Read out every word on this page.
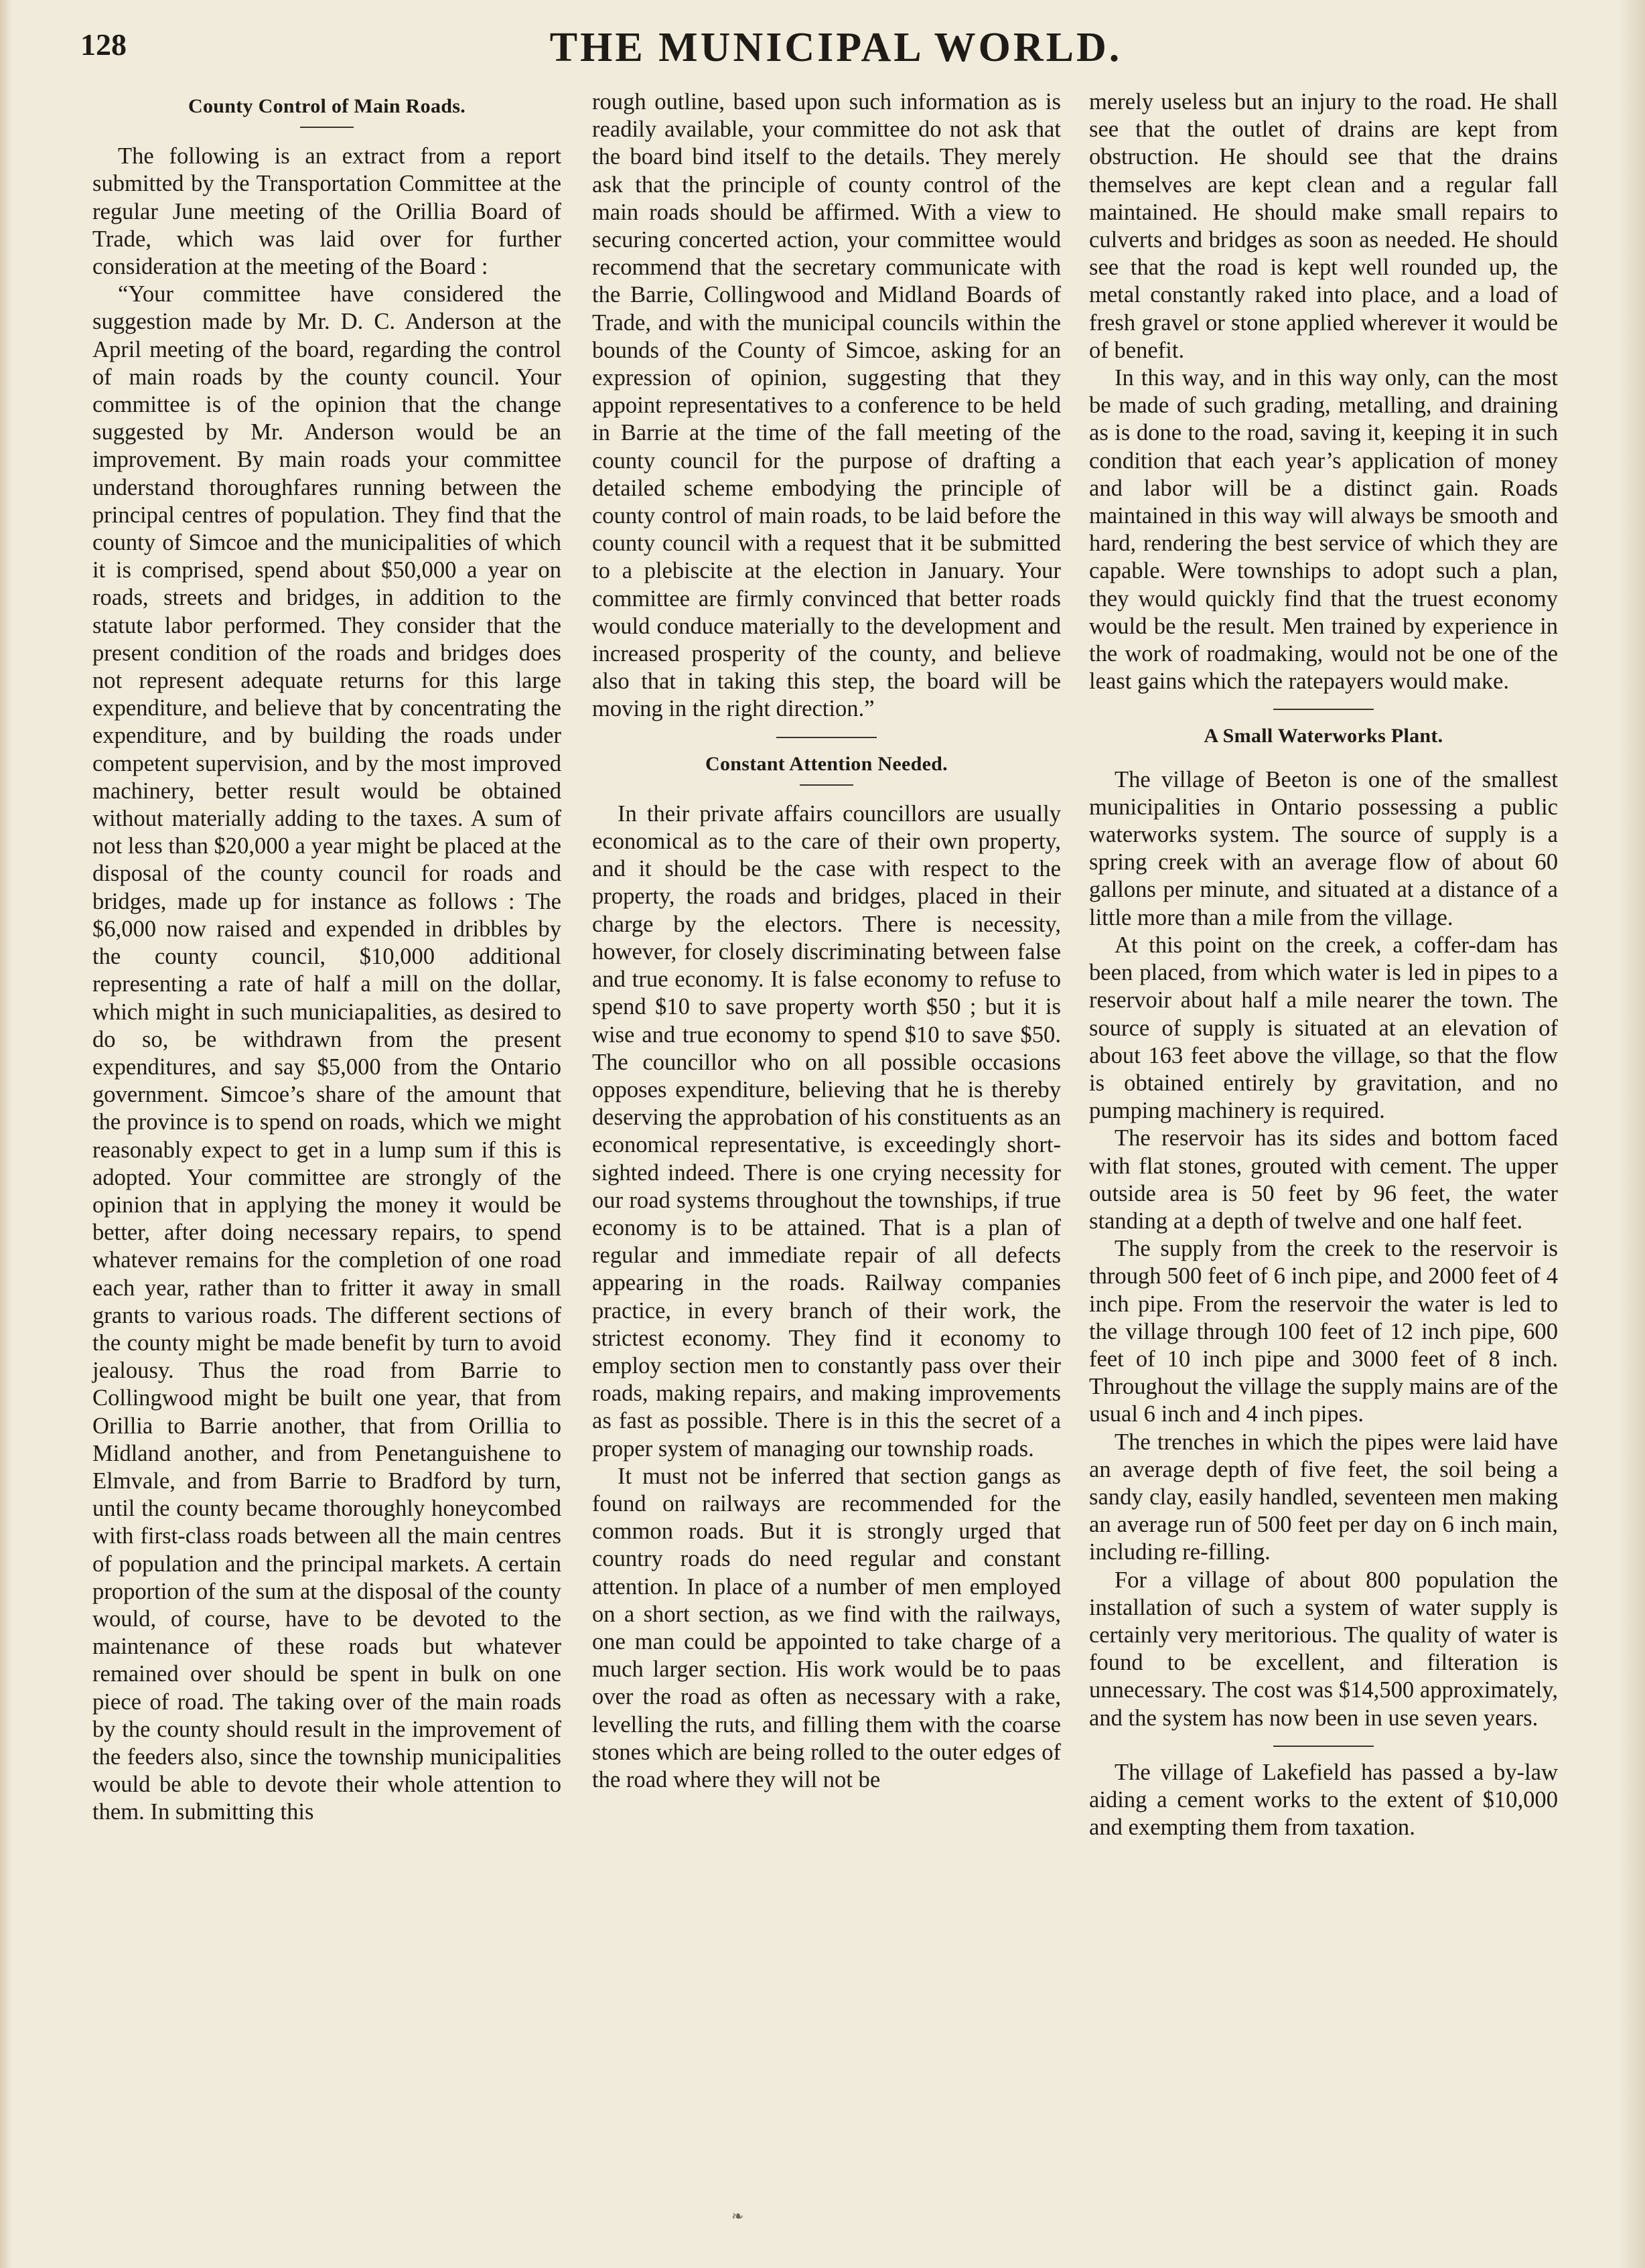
128	THE MUNICIPAL WORLD.
County Control of Main Roads.

The following is an extract from a report submitted by the Transportation Committee at the regular June meeting of the Orillia Board of Trade, which was laid over for further consideration at the meeting of the Board :

“Your committee have considered the suggestion made by Mr. D. C. Anderson at the April meeting of the board, regarding the control of main roads by the county council. Your committee is of the opinion that the change suggested by Mr. Anderson would be an improvement. By main roads your committee understand thoroughfares running between the principal centres of population. They find that the county of Simcoe and the municipalities of which it is comprised, spend about $50,000 a year on roads, streets and bridges, in addition to the statute labor performed. They consider that the present condition of the roads and bridges does not represent adequate returns for this large expenditure, and believe that by concentrating the expenditure, and by building the roads under competent supervision, and by the most improved machinery, better result would be obtained without materially adding to the taxes. A sum of not less than $20,000 a year might be placed at the disposal of the county council for roads and bridges, made up for instance as follows : The $6,000 now raised and expended in dribbles by the county council, $10,000 additional representing a rate of half a mill on the dollar, which might in such municiapalities, as desired to do so, be withdrawn from the present expenditures, and say $5,000 from the Ontario government. Simcoe’s share of the amount that the province is to spend on roads, which we might reasonably expect to get in a lump sum if this is adopted. Your committee are strongly of the opinion that in applying the money it would be better, after doing necessary repairs, to spend whatever remains for the completion of one road each year, rather than to fritter it away in small grants to various roads. The different sections of the county might be made benefit by turn to avoid jealousy. Thus the road from Barrie to Collingwood might be built one year, that from Orillia to Barrie another, that from Orillia to Midland another, and from Penetanguishene to Elmvale, and from Barrie to Bradford by turn, until the county became thoroughly honeycombed with first-class roads between all the main centres of population and the principal markets. A certain proportion of the sum at the disposal of the county would, of course, have to be devoted to the maintenance of these roads but whatever remained over should be spent in bulk on one piece of road. The taking over of the main roads by the county should result in the improvement of the feeders also, since the township municipalities would be able to devote their whole attention to them. In submitting this

rough outline, based upon such information as is readily available, your committee do not ask that the board bind itself to the details. They merely ask that the principle of county control of the main roads should be affirmed. With a view to securing concerted action, your committee would recommend that the secretary communicate with the Barrie, Collingwood and Midland Boards of Trade, and with the municipal councils within the bounds of the County of Simcoe, asking for an expression of opinion, suggesting that they appoint representatives to a conference to be held in Barrie at the time of the fall meeting of the county council for the purpose of drafting a detailed scheme embodying the principle of county control of main roads, to be laid before the county council with a request that it be submitted to a plebiscite at the election in January. Your committee are firmly convinced that better roads would conduce materially to the development and increased prosperity of the county, and believe also that in taking this step, the board will be moving in the right direction.”

Constant Attention Needed.

In their private affairs councillors are usually economical as to the care of their own property, and it should be the case with respect to the property, the roads and bridges, placed in their charge by the electors. There is necessity, however, for closely discriminating between false and true economy. It is false economy to refuse to spend $10 to save property worth $50 ; but it is wise and true economy to spend $10 to save $50. The councillor who on all possible occasions opposes expenditure, believing that he is thereby deserving the approbation of his constituents as an economical representative, is exceedingly short-sighted indeed. There is one crying necessity for our road systems throughout the townships, if true economy is to be attained. That is a plan of regular and immediate repair of all defects appearing in the roads. Railway companies practice, in every branch of their work, the strictest economy. They find it economy to employ section men to constantly pass over their roads, making repairs, and making improvements as fast as possible. There is in this the secret of a proper system of managing our township roads.

It must not be inferred that section gangs as found on railways are recommended for the common roads. But it is strongly urged that country roads do need regular and constant attention. In place of a number of men employed on a short section, as we find with the railways, one man could be appointed to take charge of a much larger section. His work would be to paas over the road as often as necessary with a rake, levelling the ruts, and filling them with the coarse stones which are being rolled to the outer edges of the road where they will not be

merely useless but an injury to the road. He shall see that the outlet of drains are kept from obstruction. He should see that the drains themselves are kept clean and a regular fall maintained. He should make small repairs to culverts and bridges as soon as needed. He should see that the road is kept well rounded up, the metal constantly raked into place, and a load of fresh gravel or stone applied wherever it would be of benefit.

In this way, and in this way only, can the most be made of such grading, metalling, and draining as is done to the road, saving it, keeping it in such condition that each year’s application of money and labor will be a distinct gain. Roads maintained in this way will always be smooth and hard, rendering the best service of which they are capable. Were townships to adopt such a plan, they would quickly find that the truest economy would be the result. Men trained by experience in the work of roadmaking, would not be one of the least gains which the ratepayers would make.

A Small Waterworks Plant.

The village of Beeton is one of the smallest municipalities in Ontario possessing a public waterworks system. The source of supply is a spring creek with an average flow of about 60 gallons per minute, and situated at a distance of a little more than a mile from the village.

At this point on the creek, a coffer-dam has been placed, from which water is led in pipes to a reservoir about half a mile nearer the town. The source of supply is situated at an elevation of about 163 feet above the village, so that the flow is obtained entirely by gravitation, and no pumping machinery is required.

The reservoir has its sides and bottom faced with flat stones, grouted with cement. The upper outside area is 50 feet by 96 feet, the water standing at a depth of twelve and one half feet.

The supply from the creek to the reservoir is through 500 feet of 6 inch pipe, and 2000 feet of 4 inch pipe. From the reservoir the water is led to the village through 100 feet of 12 inch pipe, 600 feet of 10 inch pipe and 3000 feet of 8 inch. Throughout the village the supply mains are of the usual 6 inch and 4 inch pipes.

The trenches in which the pipes were laid have an average depth of five feet, the soil being a sandy clay, easily handled, seventeen men making an average run of 500 feet per day on 6 inch main, including re-filling.

For a village of about 800 population the installation of such a system of water supply is certainly very meritorious. The quality of water is found to be excellent, and filteration is unnecessary. The cost was $14,500 approximately, and the system has now been in use seven years.

The village of Lakefield has passed a by-law aiding a cement works to the extent of $10,000 and exempting them from taxation.

❧
